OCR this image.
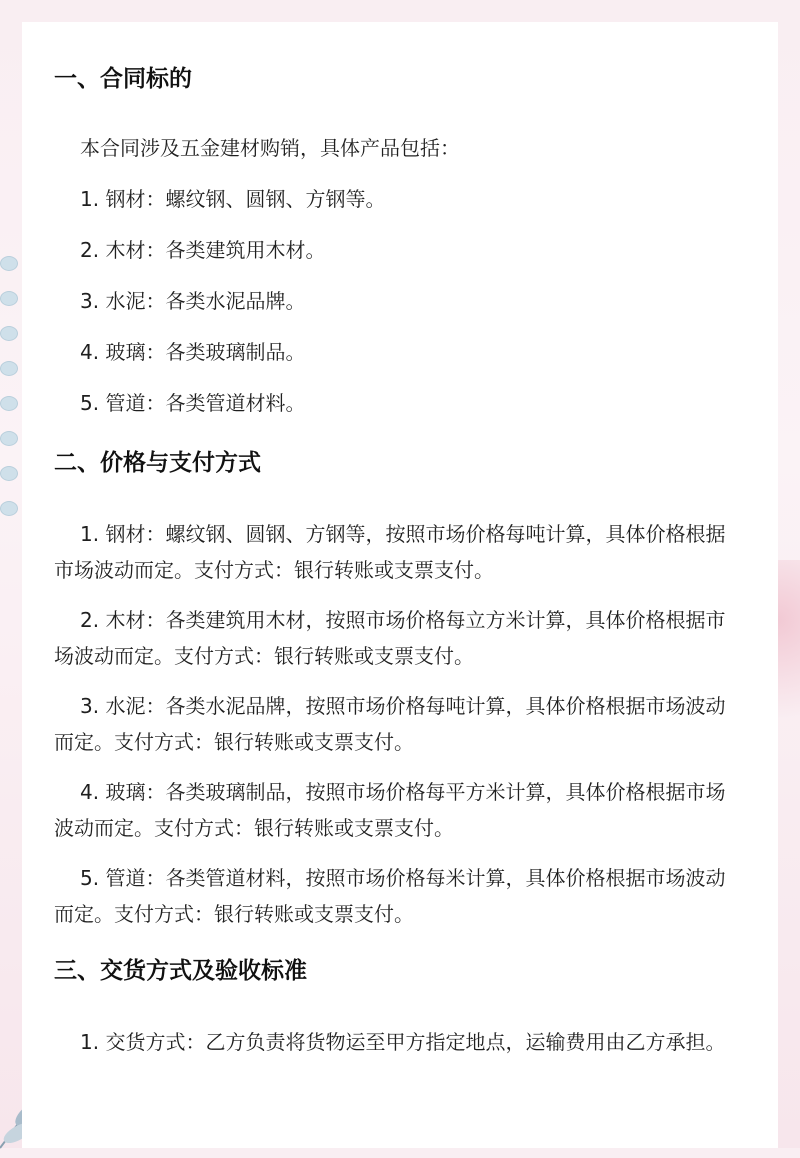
一、合同标的
本合同涉及五金建材购销，具体产品包括：
1. 钢材：螺纹钢、圆钢、方钢等。
2. 木材：各类建筑用木材。
3. 水泥：各类水泥品牌。
4. 玻璃：各类玻璃制品。
5. 管道：各类管道材料。
二、价格与支付方式
1. 钢材：螺纹钢、圆钢、方钢等，按照市场价格每吨计算，具体价格根据市场波动而定。支付方式：银行转账或支票支付。
2. 木材：各类建筑用木材，按照市场价格每立方米计算，具体价格根据市场波动而定。支付方式：银行转账或支票支付。
3. 水泥：各类水泥品牌，按照市场价格每吨计算，具体价格根据市场波动而定。支付方式：银行转账或支票支付。
4. 玻璃：各类玻璃制品，按照市场价格每平方米计算，具体价格根据市场波动而定。支付方式：银行转账或支票支付。
5. 管道：各类管道材料，按照市场价格每米计算，具体价格根据市场波动而定。支付方式：银行转账或支票支付。
三、交货方式及验收标准
1. 交货方式：乙方负责将货物运至甲方指定地点，运输费用由乙方承担。
